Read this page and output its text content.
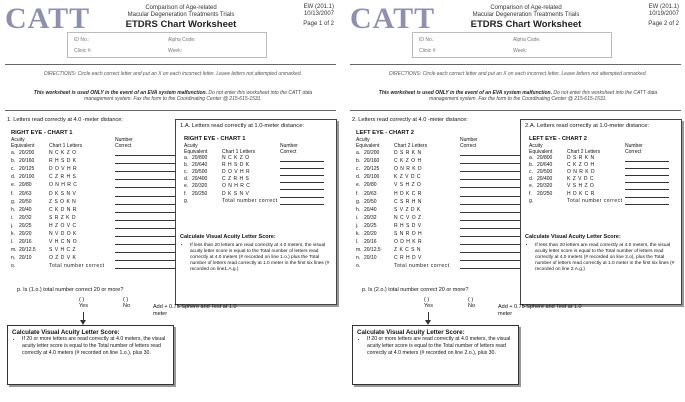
CATT	Comparison of Age-related
Macular Degeneration Treatments Trials
ETDRS Chart Worksheet
EW (201.1)
10/13/2007
Page 1 of 2
ID No.:	Alpha Code:
Clinic #:	Week:
DIRECTIONS: Circle each correct letter and put an X on each incorrect letter. Leave letters not attempted unmarked.
This worksheet is used ONLY in the event of an EVA system malfunction. Do not enter this worksheet into the CATT data management system. Fax the form to the Coordinating Center @ 215-615-1531.
1. Letters read correctly at 4.0 -meter distance:
RIGHT EYE - CHART 1
Acuity Equivalent	Chart 1 Letters
Number Correct
a. 20/200	N C K Z O
b. 20/160	R H S D K
c. 20/125	D O V H R
d. 20/100	C Z R H S
e. 20/80	O N H R C
f.	20/63	D K S N V
g. 20/50	Z S O K N
h. 20/40	C K D N R
i.	20/32	S R Z K D
j.	20/25	H Z O V C
k. 20/20	N V D O K
l.	20/16	V H C N O
m. 20/12.5	S V H C Z
n. 20/10	O Z D V K
o.	Total number correct
1.A. Letters read correctly at 1.0-meter distance:
RIGHT EYE - CHART 1
Acuity Equivalent	Chart 1 Letters
Number Correct
a. 20/800	N C K Z O
b. 20/640	R H S D K
c. 20/500	D O V H R
d. 20/400	C Z R H S
e. 20/320	O N H R C
f.	20/250	D K S N V
g.	Total number correct
Calculate Visual Acuity Letter Score:
• If less than 20 letters are read correctly at 4.0 meters, the visual acuity letter score is equal to the Total number of letters read correctly at 4.0 meters (# recorded on line 1.o.) plus the Total number of letters read correctly at 1.0 meter in the first six lines (# recorded on line1.A.g.)
p. Is (1.o.) total number correct 20 or more?
( )
Yes
( )
No	Add + 0.75 Sphere and Test at 1.0 meter
Calculate Visual Acuity Letter Score:
• If 20 or more letters are read correctly at 4.0 meters, the visual acuity letter score is equal to the Total number of letters read correctly at 4.0 meters (# recorded on line 1.o.), plus 30.
CATT	Comparison of Age-related
Macular Degeneration Treatments Trials
ETDRS Chart Worksheet
EW (201.1)
10/19/2007
Page 2 of 2
ID No.:	Alpha Code:
Clinic #:	Week:
DIRECTIONS: Circle each correct letter and put an X on each incorrect letter. Leave letters not attempted unmarked.
This worksheet is used ONLY in the event of an EVA system malfunction. Do not enter this worksheet into the CATT data management system. Fax the form to the Coordinating Center @ 215-615-1531.
2. Letters read correctly at 4.0 -meter distance:
LEFT EYE - CHART 2
Acuity Equivalent	Chart 2 Letters
Number Correct
a. 20/200	D S R K N
b. 20/160	C K Z O H
c. 20/125	O N R K D
d. 20/100	K Z V D C
e. 20/80	V S H Z O
f.	20/63	H D K C R
g. 20/50	C S R H N
h. 20/40	S V Z D K
i.	20/32	N C V O Z
j.	20/25	R H S D V
k. 20/20	S N R O H
l.	20/16	O D H K R
m. 20/12.5	Z K C S N
n. 20/10	C R H D V
o.	Total number correct
2.A. Letters read correctly at 1.0-meter distance:
LEFT EYE - CHART 2
Acuity Equivalent	Chart 2 Letters
Number Correct
a. 20/800	D S R K N
b. 20/640	C K Z O H
c. 20/500	O N R K D
d. 20/400	K Z V D C
e. 20/320	V S H Z O
f.	20/250	H D K C R
g.	Total number correct
Calculate Visual Acuity Letter Score:
• If less than 20 letters are read correctly at 4.0 meters, the visual acuity letter score is equal to the Total number of letters read correctly at 4.0 meters (# recorded on line 2.o), plus the Total number of letters read correctly at 1.0 meter in the first six lines (# recorded on line 2.A.g.)
p. Is (2.o.) total number correct 20 or more?
( )
Yes
( )
No	Add + 0.75 Sphere and Test at 1.0 meter
Calculate Visual Acuity Letter Score:
• If 20 or more letters are read correctly at 4.0 meters, the visual acuity letter score is equal to the Total number of letters read correctly at 4.0 meters (# recorded on line 2.o.), plus 30.
